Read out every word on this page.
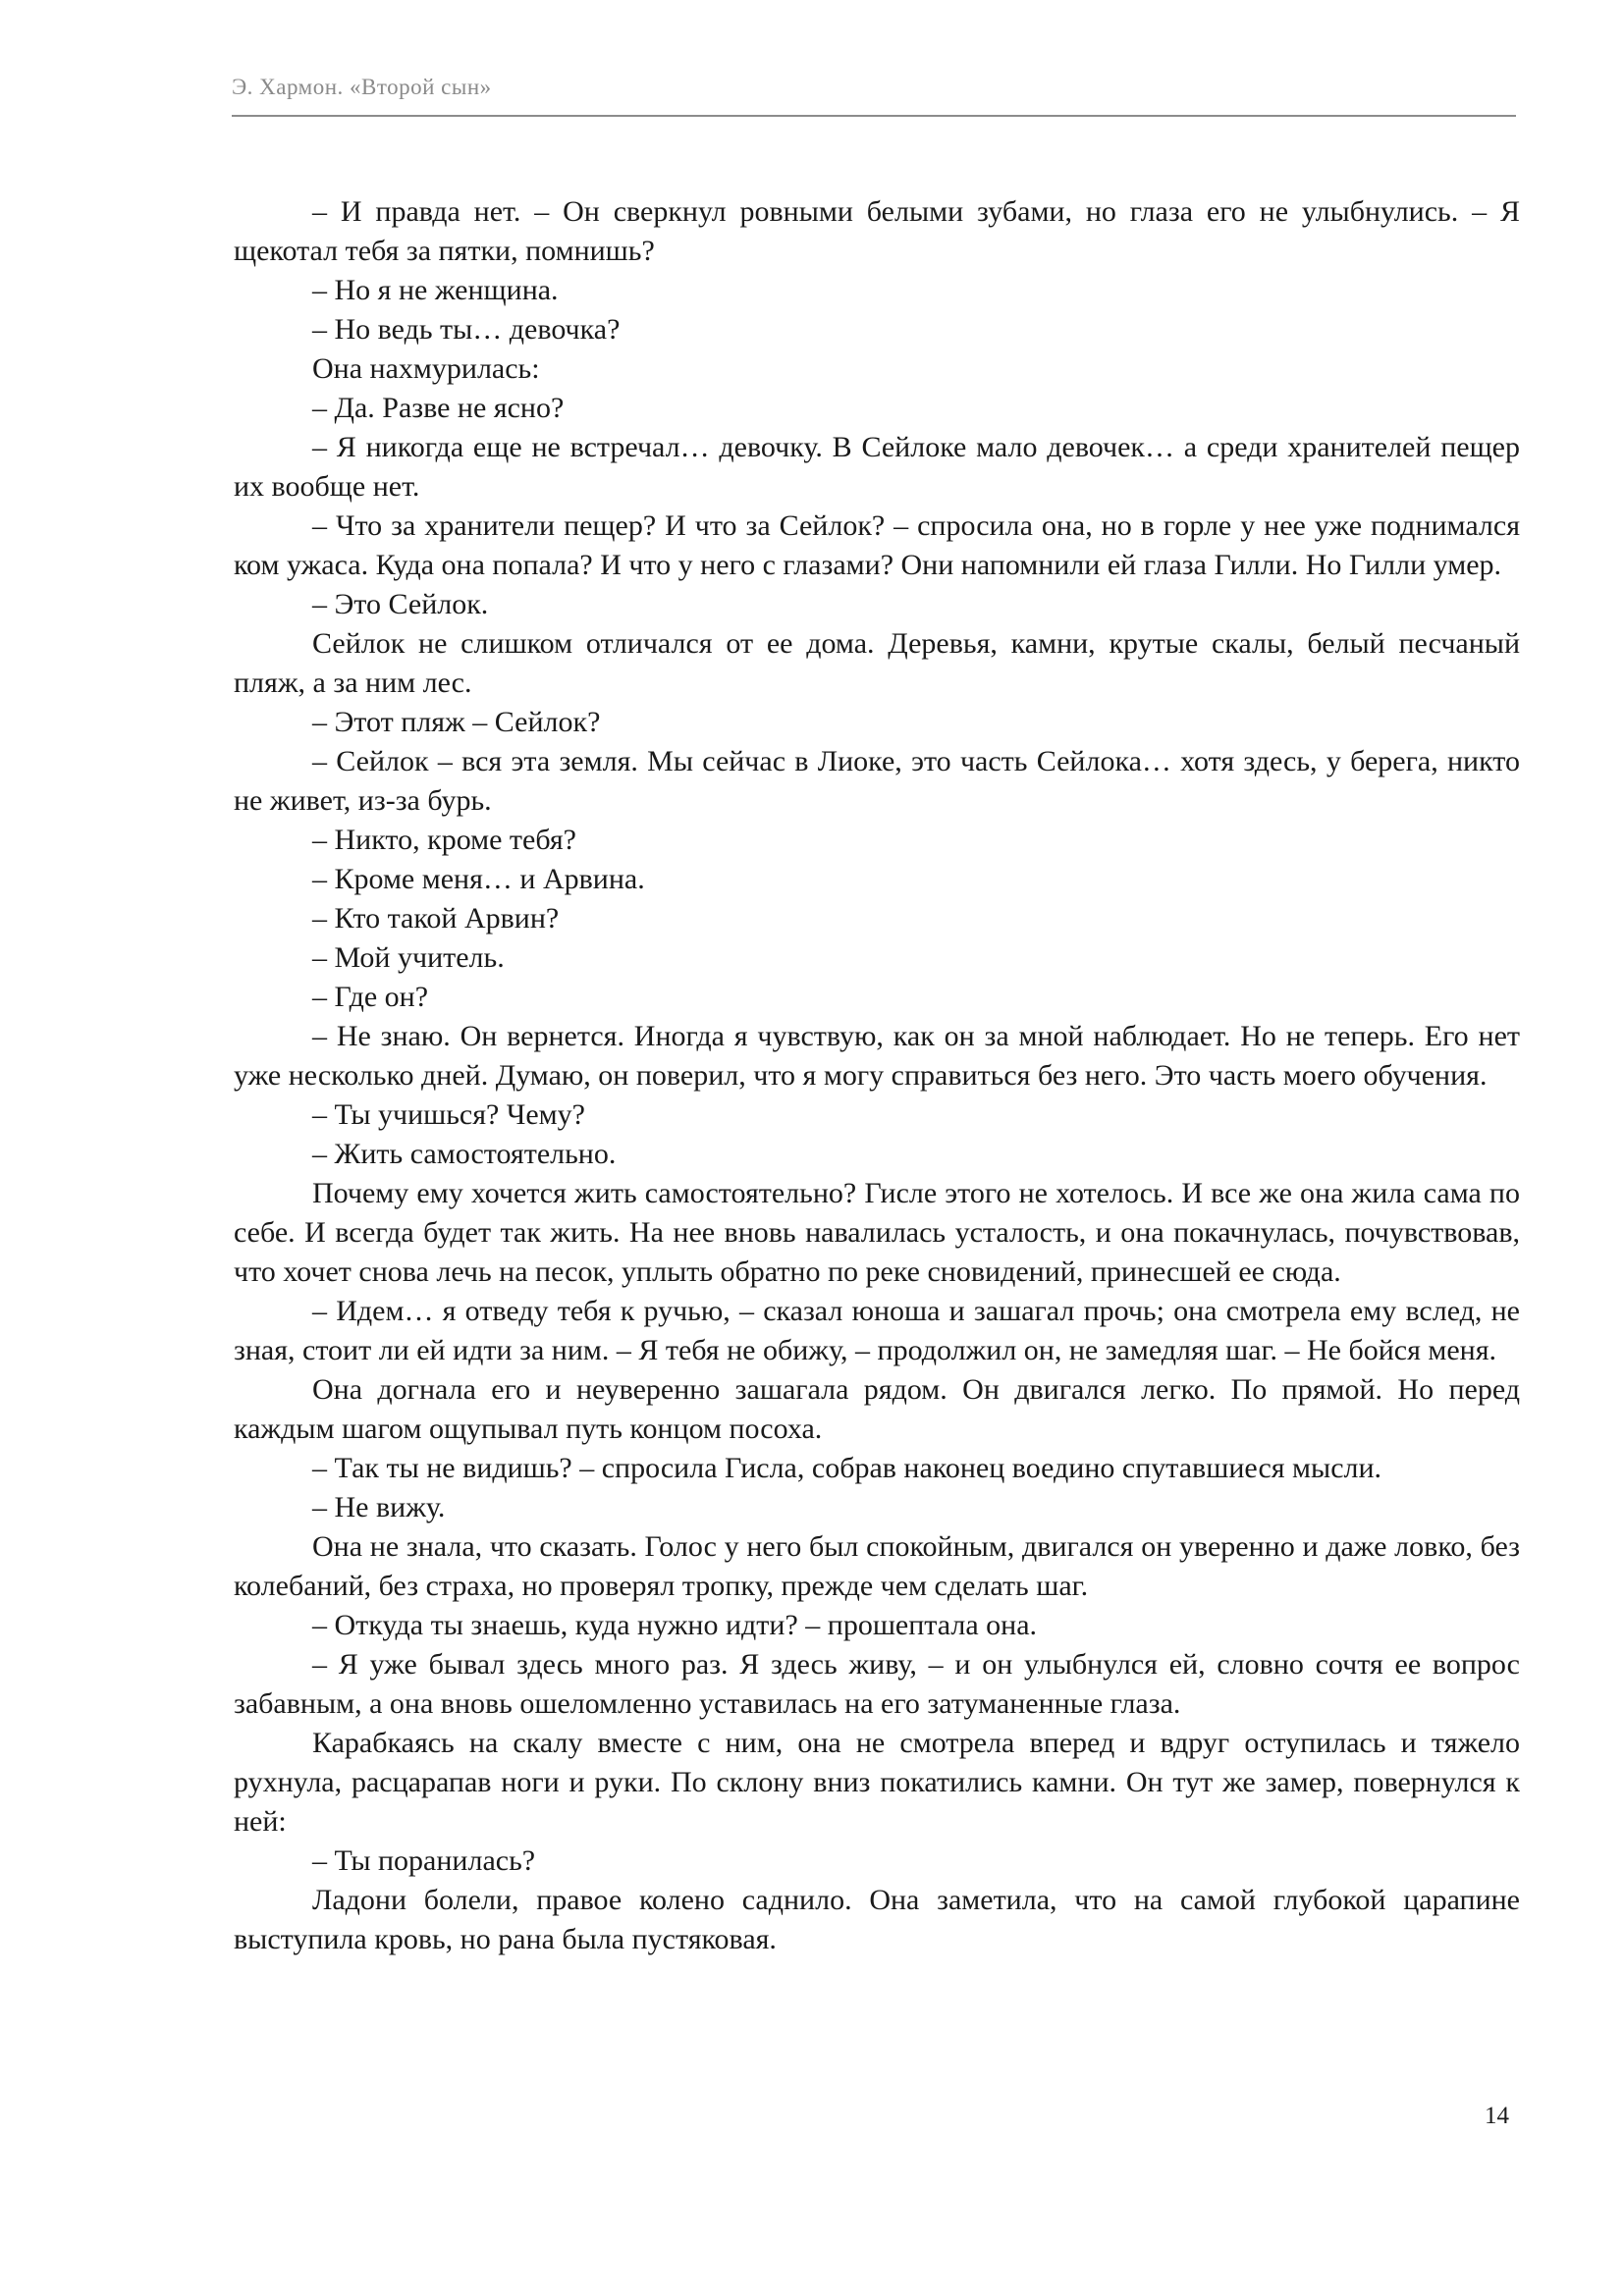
Э. Хармон. «Второй сын»

– И правда нет. – Он сверкнул ровными белыми зубами, но глаза его не улыбнулись. – Я щекотал тебя за пятки, помнишь?

– Но я не женщина.

– Но ведь ты… девочка?

Она нахмурилась:

– Да. Разве не ясно?

– Я никогда еще не встречал… девочку. В Сейлоке мало девочек… а среди хранителей пещер их вообще нет.

– Что за хранители пещер? И что за Сейлок? – спросила она, но в горле у нее уже поднимался ком ужаса. Куда она попала? И что у него с глазами? Они напомнили ей глаза Гилли. Но Гилли умер.

– Это Сейлок.

Сейлок не слишком отличался от ее дома. Деревья, камни, крутые скалы, белый песчаный пляж, а за ним лес.

– Этот пляж – Сейлок?

– Сейлок – вся эта земля. Мы сейчас в Лиоке, это часть Сейлока… хотя здесь, у берега, никто не живет, из-за бурь.

– Никто, кроме тебя?

– Кроме меня… и Арвина.

– Кто такой Арвин?

– Мой учитель.

– Где он?

– Не знаю. Он вернется. Иногда я чувствую, как он за мной наблюдает. Но не теперь. Его нет уже несколько дней. Думаю, он поверил, что я могу справиться без него. Это часть моего обучения.

– Ты учишься? Чему?

– Жить самостоятельно.

Почему ему хочется жить самостоятельно? Гисле этого не хотелось. И все же она жила сама по себе. И всегда будет так жить. На нее вновь навалилась усталость, и она покачнулась, почувствовав, что хочет снова лечь на песок, уплыть обратно по реке сновидений, принесшей ее сюда.

– Идем… я отведу тебя к ручью, – сказал юноша и зашагал прочь; она смотрела ему вслед, не зная, стоит ли ей идти за ним. – Я тебя не обижу, – продолжил он, не замедляя шаг. – Не бойся меня.

Она догнала его и неуверенно зашагала рядом. Он двигался легко. По прямой. Но перед каждым шагом ощупывал путь концом посоха.

– Так ты не видишь? – спросила Гисла, собрав наконец воедино спутавшиеся мысли.

– Не вижу.

Она не знала, что сказать. Голос у него был спокойным, двигался он уверенно и даже ловко, без колебаний, без страха, но проверял тропку, прежде чем сделать шаг.

– Откуда ты знаешь, куда нужно идти? – прошептала она.

– Я уже бывал здесь много раз. Я здесь живу, – и он улыбнулся ей, словно сочтя ее вопрос забавным, а она вновь ошеломленно уставилась на его затуманенные глаза.

Карабкаясь на скалу вместе с ним, она не смотрела вперед и вдруг оступилась и тяжело рухнула, расцарапав ноги и руки. По склону вниз покатились камни. Он тут же замер, повернулся к ней:

– Ты поранилась?

Ладони болели, правое колено саднило. Она заметила, что на самой глубокой царапине выступила кровь, но рана была пустяковая.

14
